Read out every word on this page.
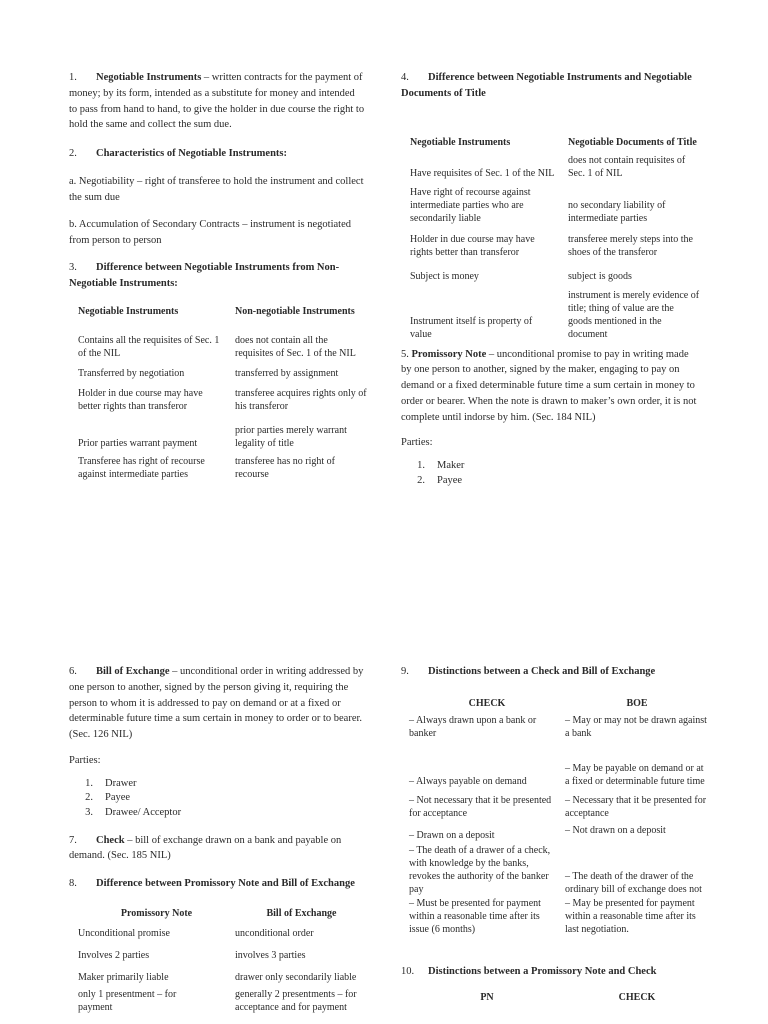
1. Negotiable Instruments – written contracts for the payment of money; by its form, intended as a substitute for money and intended to pass from hand to hand, to give the holder in due course the right to hold the same and collect the sum due.

2. Characteristics of Negotiable Instruments:

a. Negotiability – right of transferee to hold the instrument and collect the sum due

b. Accumulation of Secondary Contracts – instrument is negotiated from person to person

3. Difference between Negotiable Instruments from Non-Negotiable Instruments:

Negotiable Instruments	Non-negotiable Instruments
Contains all the requisites of Sec. 1 of the NIL	does not contain all the requisites of Sec. 1 of the NIL
Transferred by negotiation	transferred by assignment
Holder in due course may have better rights than transferor	transferee acquires rights only of his transferor
Prior parties warrant payment	prior parties merely warrant legality of title
Transferee has right of recourse against intermediate parties	transferee has no right of recourse

4. Difference between Negotiable Instruments and Negotiable Documents of Title

Negotiable Instruments	Negotiable Documents of Title
Have requisites of Sec. 1 of the NIL	does not contain requisites of Sec. 1 of NIL
Have right of recourse against intermediate parties who are secondarily liable	no secondary liability of intermediate parties
Holder in due course may have rights better than transferor	transferee merely steps into the shoes of the transferor
Subject is money	subject is goods
Instrument itself is property of value	instrument is merely evidence of title; thing of value are the goods mentioned in the document

5. Promissory Note – unconditional promise to pay in writing made by one person to another, signed by the maker, engaging to pay on demand or a fixed determinable future time a sum certain in money to order or bearer. When the note is drawn to maker’s own order, it is not complete until indorse by him. (Sec. 184 NIL)

Parties:

1.	Maker
2.	Payee

6. Bill of Exchange – unconditional order in writing addressed by one person to another, signed by the person giving it, requiring the person to whom it is addressed to pay on demand or at a fixed or determinable future time a sum certain in money to order or to bearer. (Sec. 126 NIL)

Parties:

1.	Drawer
2.	Payee
3.	Drawee/ Acceptor

7. Check – bill of exchange drawn on a bank and payable on demand. (Sec. 185 NIL)

8. Difference between Promissory Note and Bill of Exchange

Promissory Note	Bill of Exchange
Unconditional promise	unconditional order
Involves 2 parties	involves 3 parties
Maker primarily liable	drawer only secondarily liable
only 1 presentment – for payment	generally 2 presentments – for acceptance and for payment

9. Distinctions between a Check and Bill of Exchange

CHECK	BOE
– Always drawn upon a bank or banker	– May or may not be drawn against a bank
– Always payable on demand	– May be payable on demand or at a fixed or determinable future time
– Not necessary that it be presented for acceptance	– Necessary that it be presented for acceptance
– Drawn on a deposit	– Not drawn on a deposit
– The death of a drawer of a check, with knowledge by the banks, revokes the authority of the banker pay	– The death of the drawer of the ordinary bill of exchange does not
– Must be presented for payment within a reasonable time after its issue (6 months)	– May be presented for payment within a reasonable time after its last negotiation.

10. Distinctions between a Promissory Note and Check

PN	CHECK
